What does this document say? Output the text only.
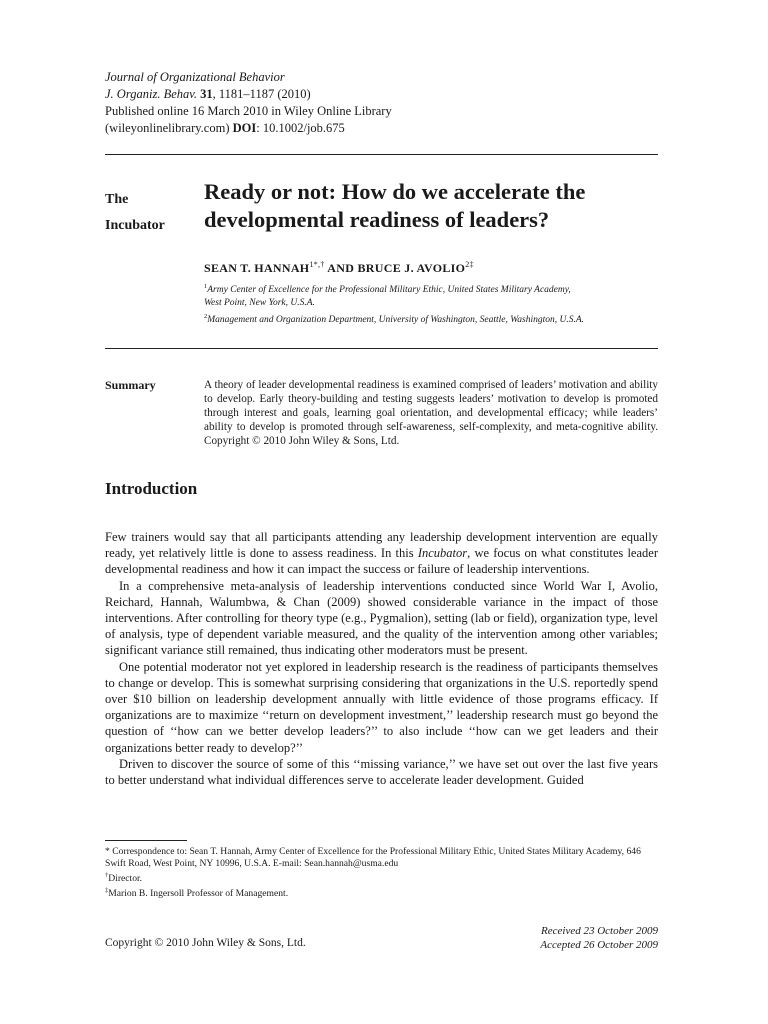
Journal of Organizational Behavior
J. Organiz. Behav. 31, 1181–1187 (2010)
Published online 16 March 2010 in Wiley Online Library
(wileyonlinelibrary.com) DOI: 10.1002/job.675
The
Incubator
Ready or not: How do we accelerate the
developmental readiness of leaders?
SEAN T. $HANNAH^{1*,\dagger}$ AND BRUCE J. $AVOLIO^{2\ddagger}$
$^1$Army Center of Excellence for the Professional Military Ethic, United States Military Academy,
West Point, New York, U.S.A.
$^2$Management and Organization Department, University of Washington, Seattle, Washington, U.S.A.
Summary	A theory of leader developmental readiness is examined comprised of leaders’ motivation and ability to develop. Early theory-building and testing suggests leaders’ motivation to develop is promoted through interest and goals, learning goal orientation, and developmental efficacy; while leaders’ ability to develop is promoted through self-awareness, self-complexity, and meta-cognitive ability. Copyright © 2010 John Wiley & Sons, Ltd.
Introduction

Few trainers would say that all participants attending any leadership development intervention are equally ready, yet relatively little is done to assess readiness. In this Incubator, we focus on what constitutes leader developmental readiness and how it can impact the success or failure of leadership interventions.

In a comprehensive meta-analysis of leadership interventions conducted since World War I, Avolio, Reichard, Hannah, Walumbwa, & Chan (2009) showed considerable variance in the impact of those interventions. After controlling for theory type (e.g., Pygmalion), setting (lab or field), organization type, level of analysis, type of dependent variable measured, and the quality of the intervention among other variables; significant variance still remained, thus indicating other moderators must be present.

One potential moderator not yet explored in leadership research is the readiness of participants themselves to change or develop. This is somewhat surprising considering that organizations in the U.S. reportedly spend over $10 billion on leadership development annually with little evidence of those programs efficacy. If organizations are to maximize ‘‘return on development investment,’’ leadership research must go beyond the question of ‘‘how can we better develop leaders?’’ to also include ‘‘how can we get leaders and their organizations better ready to develop?’’

Driven to discover the source of some of this ‘‘missing variance,’’ we have set out over the last five years to better understand what individual differences serve to accelerate leader development. Guided

* Correspondence to: Sean T. Hannah, Army Center of Excellence for the Professional Military Ethic, United States Military Academy, 646 Swift Road, West Point, NY 10996, U.S.A. E-mail: Sean.hannah@usma.edu

†Director.

‡Marion B. Ingersoll Professor of Management.

Copyright © 2010 John Wiley & Sons, Ltd.

Received 23 October 2009

Accepted 26 October 2009
